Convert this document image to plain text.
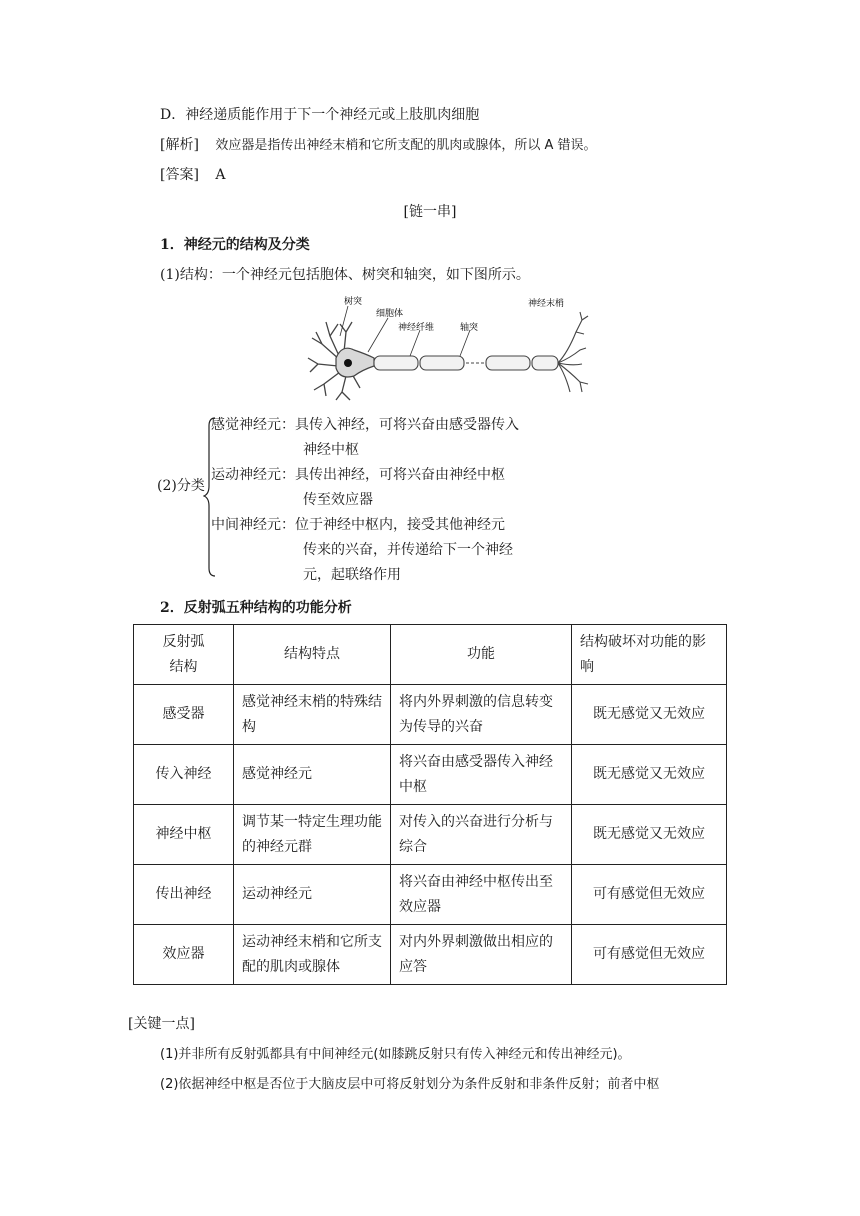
D．神经递质能作用于下一个神经元或上肢肌肉细胞
[解析] 效应器是指传出神经末梢和它所支配的肌肉或腺体，所以 A 错误。
[答案] A
[链一串]
1．神经元的结构及分类
(1)结构：一个神经元包括胞体、树突和轴突，如下图所示。
树突
细胞体
神经纤维	轴突
神经末梢
(2)分类
感觉神经元：具传入神经，可将兴奋由感受器传入
神经中枢
运动神经元：具传出神经，可将兴奋由神经中枢
传至效应器
中间神经元：位于神经中枢内，接受其他神经元
传来的兴奋，并传递给下一个神经
元，起联络作用
2．反射弧五种结构的功能分析
反射弧结构	结构特点	功能	结构破坏对功能的影响
感受器	感觉神经末梢的特殊结构	将内外界刺激的信息转变为传导的兴奋	既无感觉又无效应
传入神经	感觉神经元	将兴奋由感受器传入神经中枢	既无感觉又无效应
神经中枢	调节某一特定生理功能的神经元群	对传入的兴奋进行分析与综合	既无感觉又无效应
传出神经	运动神经元	将兴奋由神经中枢传出至效应器	可有感觉但无效应
效应器	运动神经末梢和它所支配的肌肉或腺体	对内外界刺激做出相应的应答	可有感觉但无效应
[关键一点]
(1)并非所有反射弧都具有中间神经元(如膝跳反射只有传入神经元和传出神经元)。
(2)依据神经中枢是否位于大脑皮层中可将反射划分为条件反射和非条件反射；前者中枢
